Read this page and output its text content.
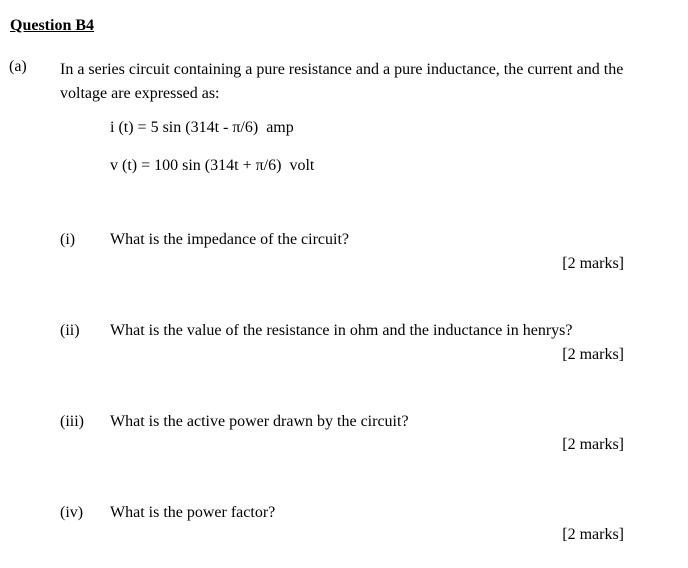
Question B4
(a) In a series circuit containing a pure resistance and a pure inductance, the current and the voltage are expressed as:
i (t) = 5 sin (314t - π/6)  amp
v (t) = 100 sin (314t + π/6)  volt
(i) What is the impedance of the circuit?
[2 marks]
(ii) What is the value of the resistance in ohm and the inductance in henrys?
[2 marks]
(iii) What is the active power drawn by the circuit?
[2 marks]
(iv) What is the power factor?
[2 marks]
